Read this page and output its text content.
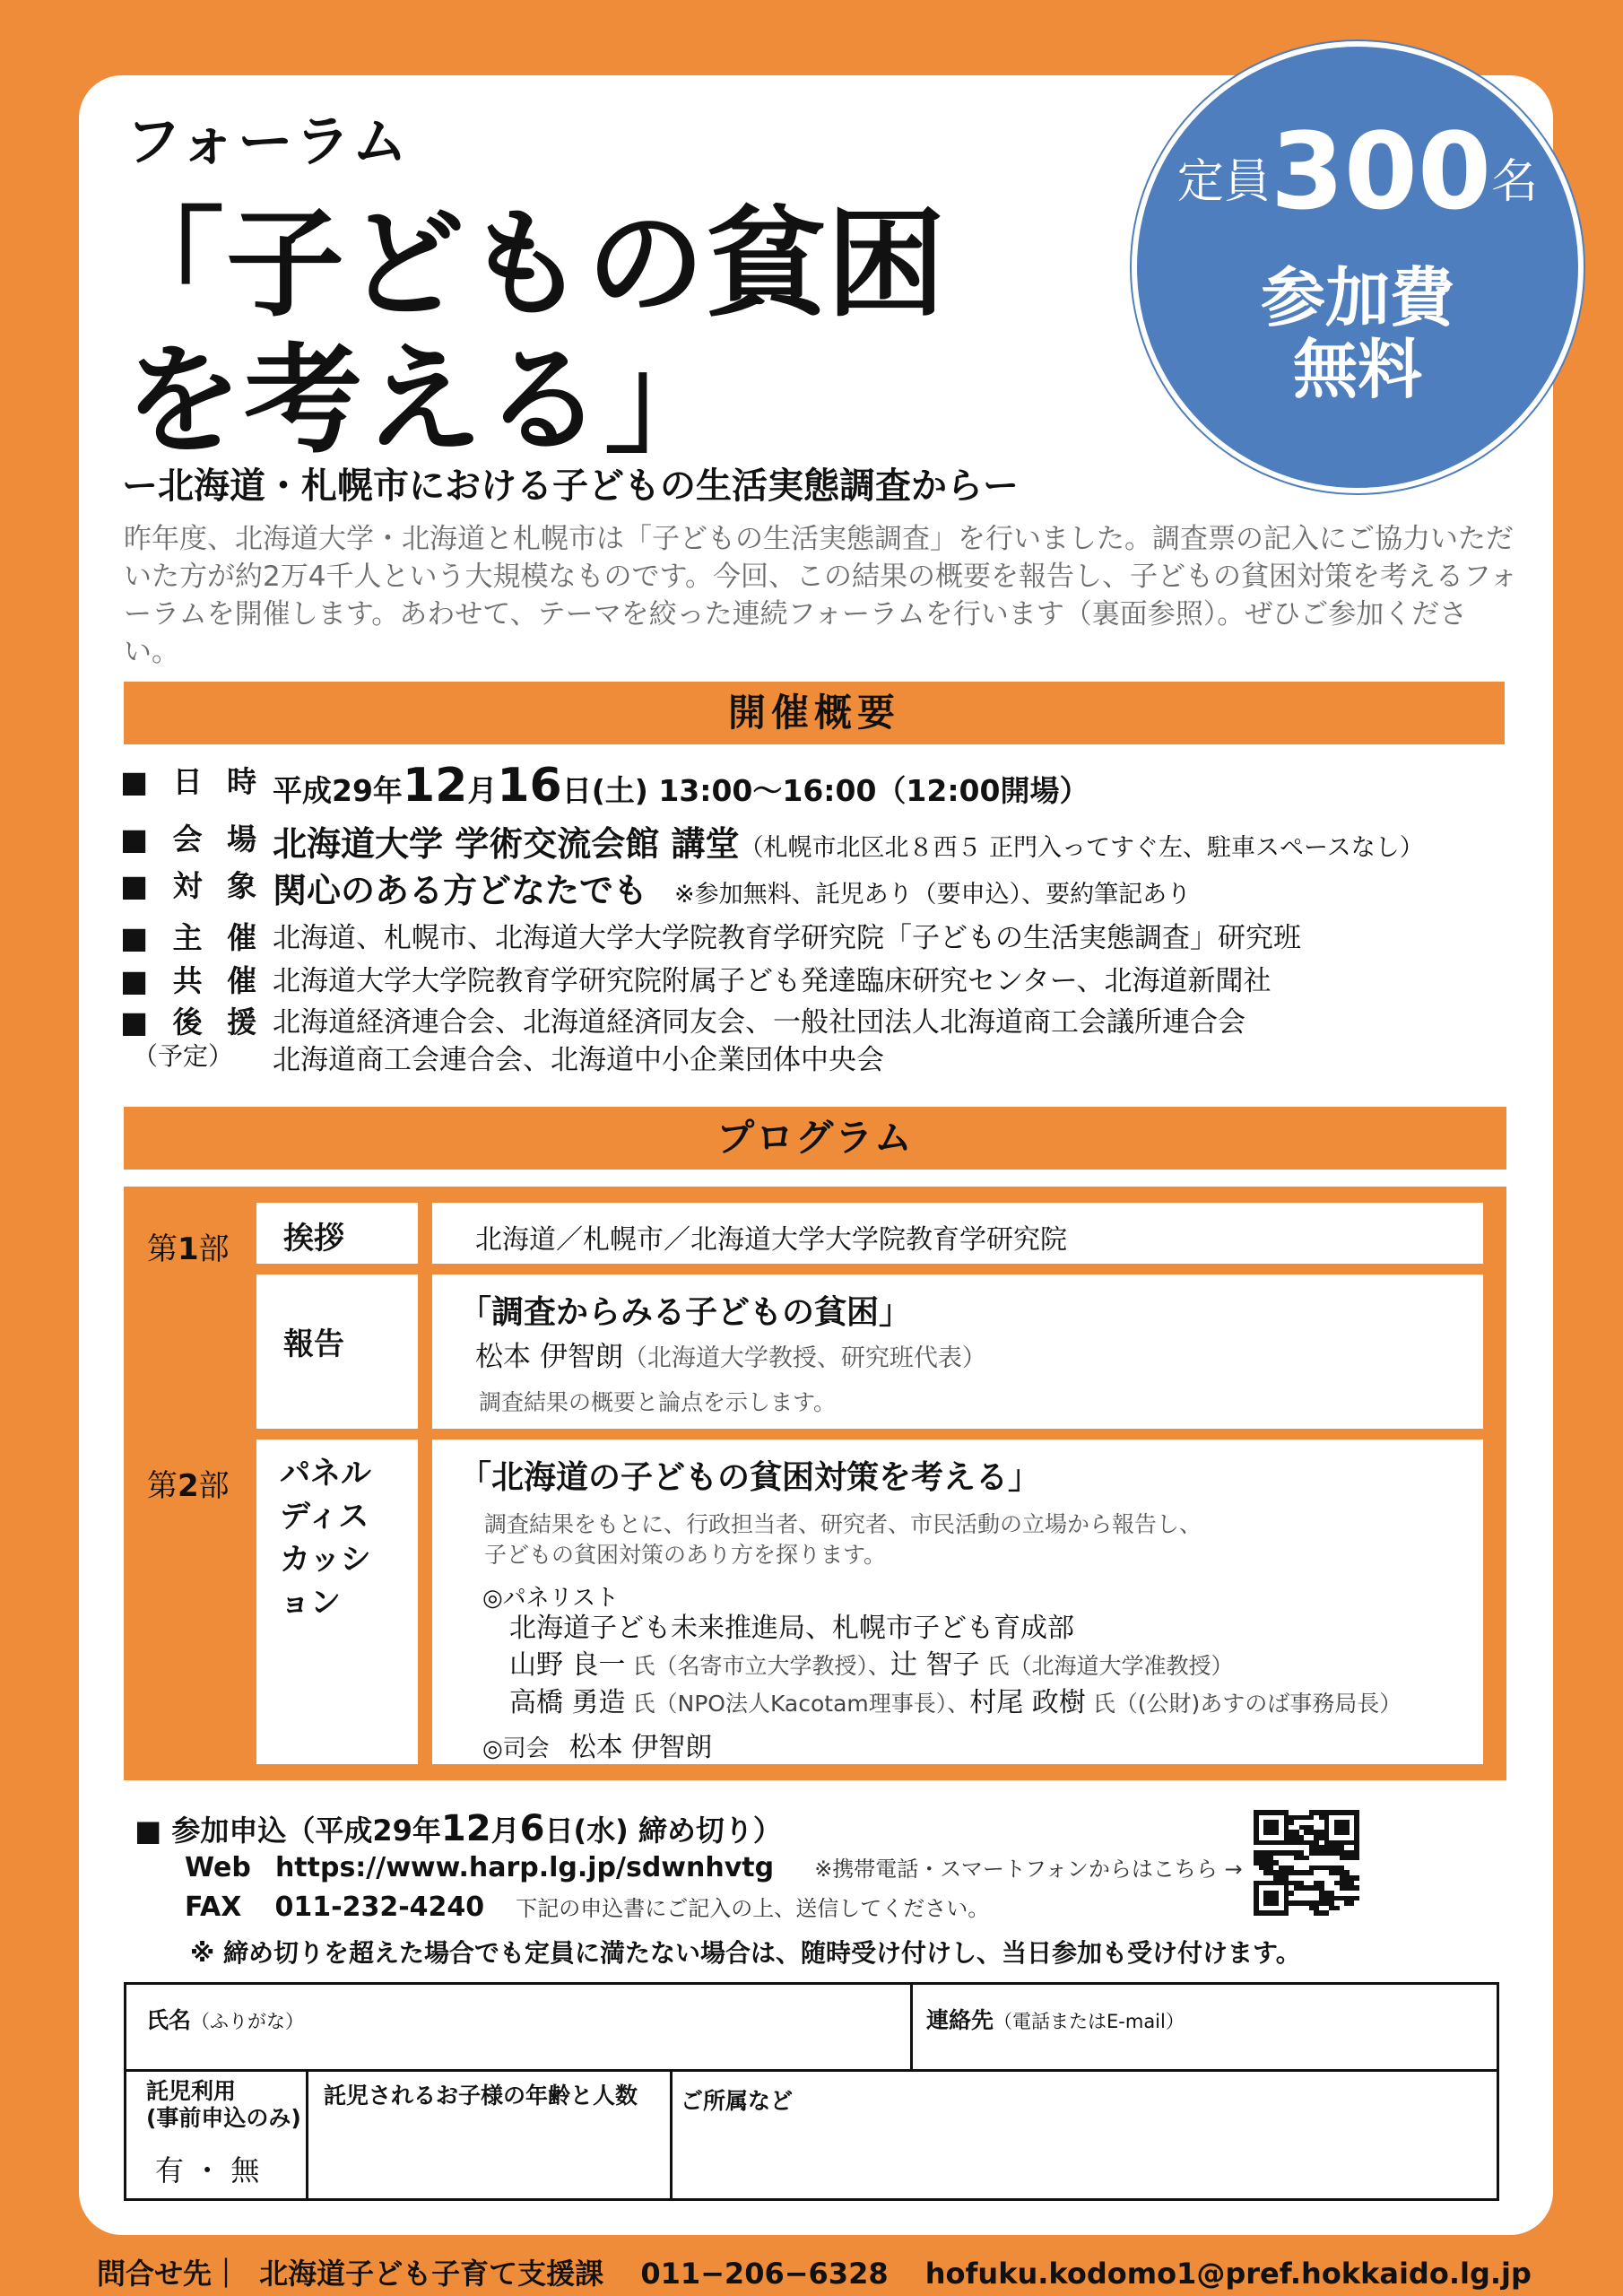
フォーラム
「子どもの貧困
を考える」
ー北海道・札幌市における子どもの生活実態調査からー
定員300名
参加費
無料
昨年度、北海道大学・北海道と札幌市は「子どもの生活実態調査」を行いました。調査票の記入にご協力いただいた方が約2万4千人という大規模なものです。今回、この結果の概要を報告し、子どもの貧困対策を考えるフォーラムを開催します。あわせて、テーマを絞った連続フォーラムを行います（裏面参照）。ぜひご参加ください。
開催概要
■ 日 時 平成29年12月16日(土) 13:00〜16:00（12:00開場）
■ 会 場 北海道大学 学術交流会館 講堂（札幌市北区北８西５ 正門入ってすぐ左、駐車スペースなし）
■ 対 象 関心のある方どなたでも ※参加無料、託児あり（要申込）、要約筆記あり
■ 主 催 北海道、札幌市、北海道大学大学院教育学研究院「子どもの生活実態調査」研究班
■ 共 催 北海道大学大学院教育学研究院附属子ども発達臨床研究センター、北海道新聞社
■ 後 援
（予定）
北海道経済連合会、北海道経済同友会、一般社団法人北海道商工会議所連合会
北海道商工会連合会、北海道中小企業団体中央会
プログラム
第1部
第2部
挨拶	北海道／札幌市／北海道大学大学院教育学研究院
報告
「調査からみる子どもの貧困」
松本 伊智朗（北海道大学教授、研究班代表）
調査結果の概要と論点を示します。
パネル
ディス
カッシ
ョン
「北海道の子どもの貧困対策を考える」
調査結果をもとに、行政担当者、研究者、市民活動の立場から報告し、
子どもの貧困対策のあり方を探ります。
◎パネリスト
北海道子ども未来推進局、札幌市子ども育成部
山野 良一 氏（名寄市立大学教授）、辻 智子 氏（北海道大学准教授）
高橋 勇造 氏（NPO法人Kacotam理事長）、村尾 政樹 氏（(公財)あすのば事務局長）
◎司会 松本 伊智朗
■ 参加申込（平成29年12月6日(水) 締め切り）
Web https://www.harp.lg.jp/sdwnhvtg ※携帯電話・スマートフォンからはこちら →
FAX 011-232-4240 下記の申込書にご記入の上、送信してください。
※ 締め切りを超えた場合でも定員に満たない場合は、随時受け付けし、当日参加も受け付けます。
氏名（ふりがな）	連絡先（電話またはE-mail）
託児利用
(事前申込のみ)
有 ・ 無
託児されるお子様の年齢と人数 ご所属など
問合せ先｜ 北海道子ども子育て支援課 011−206−6328 hofuku.kodomo1@pref.hokkaido.lg.jp
